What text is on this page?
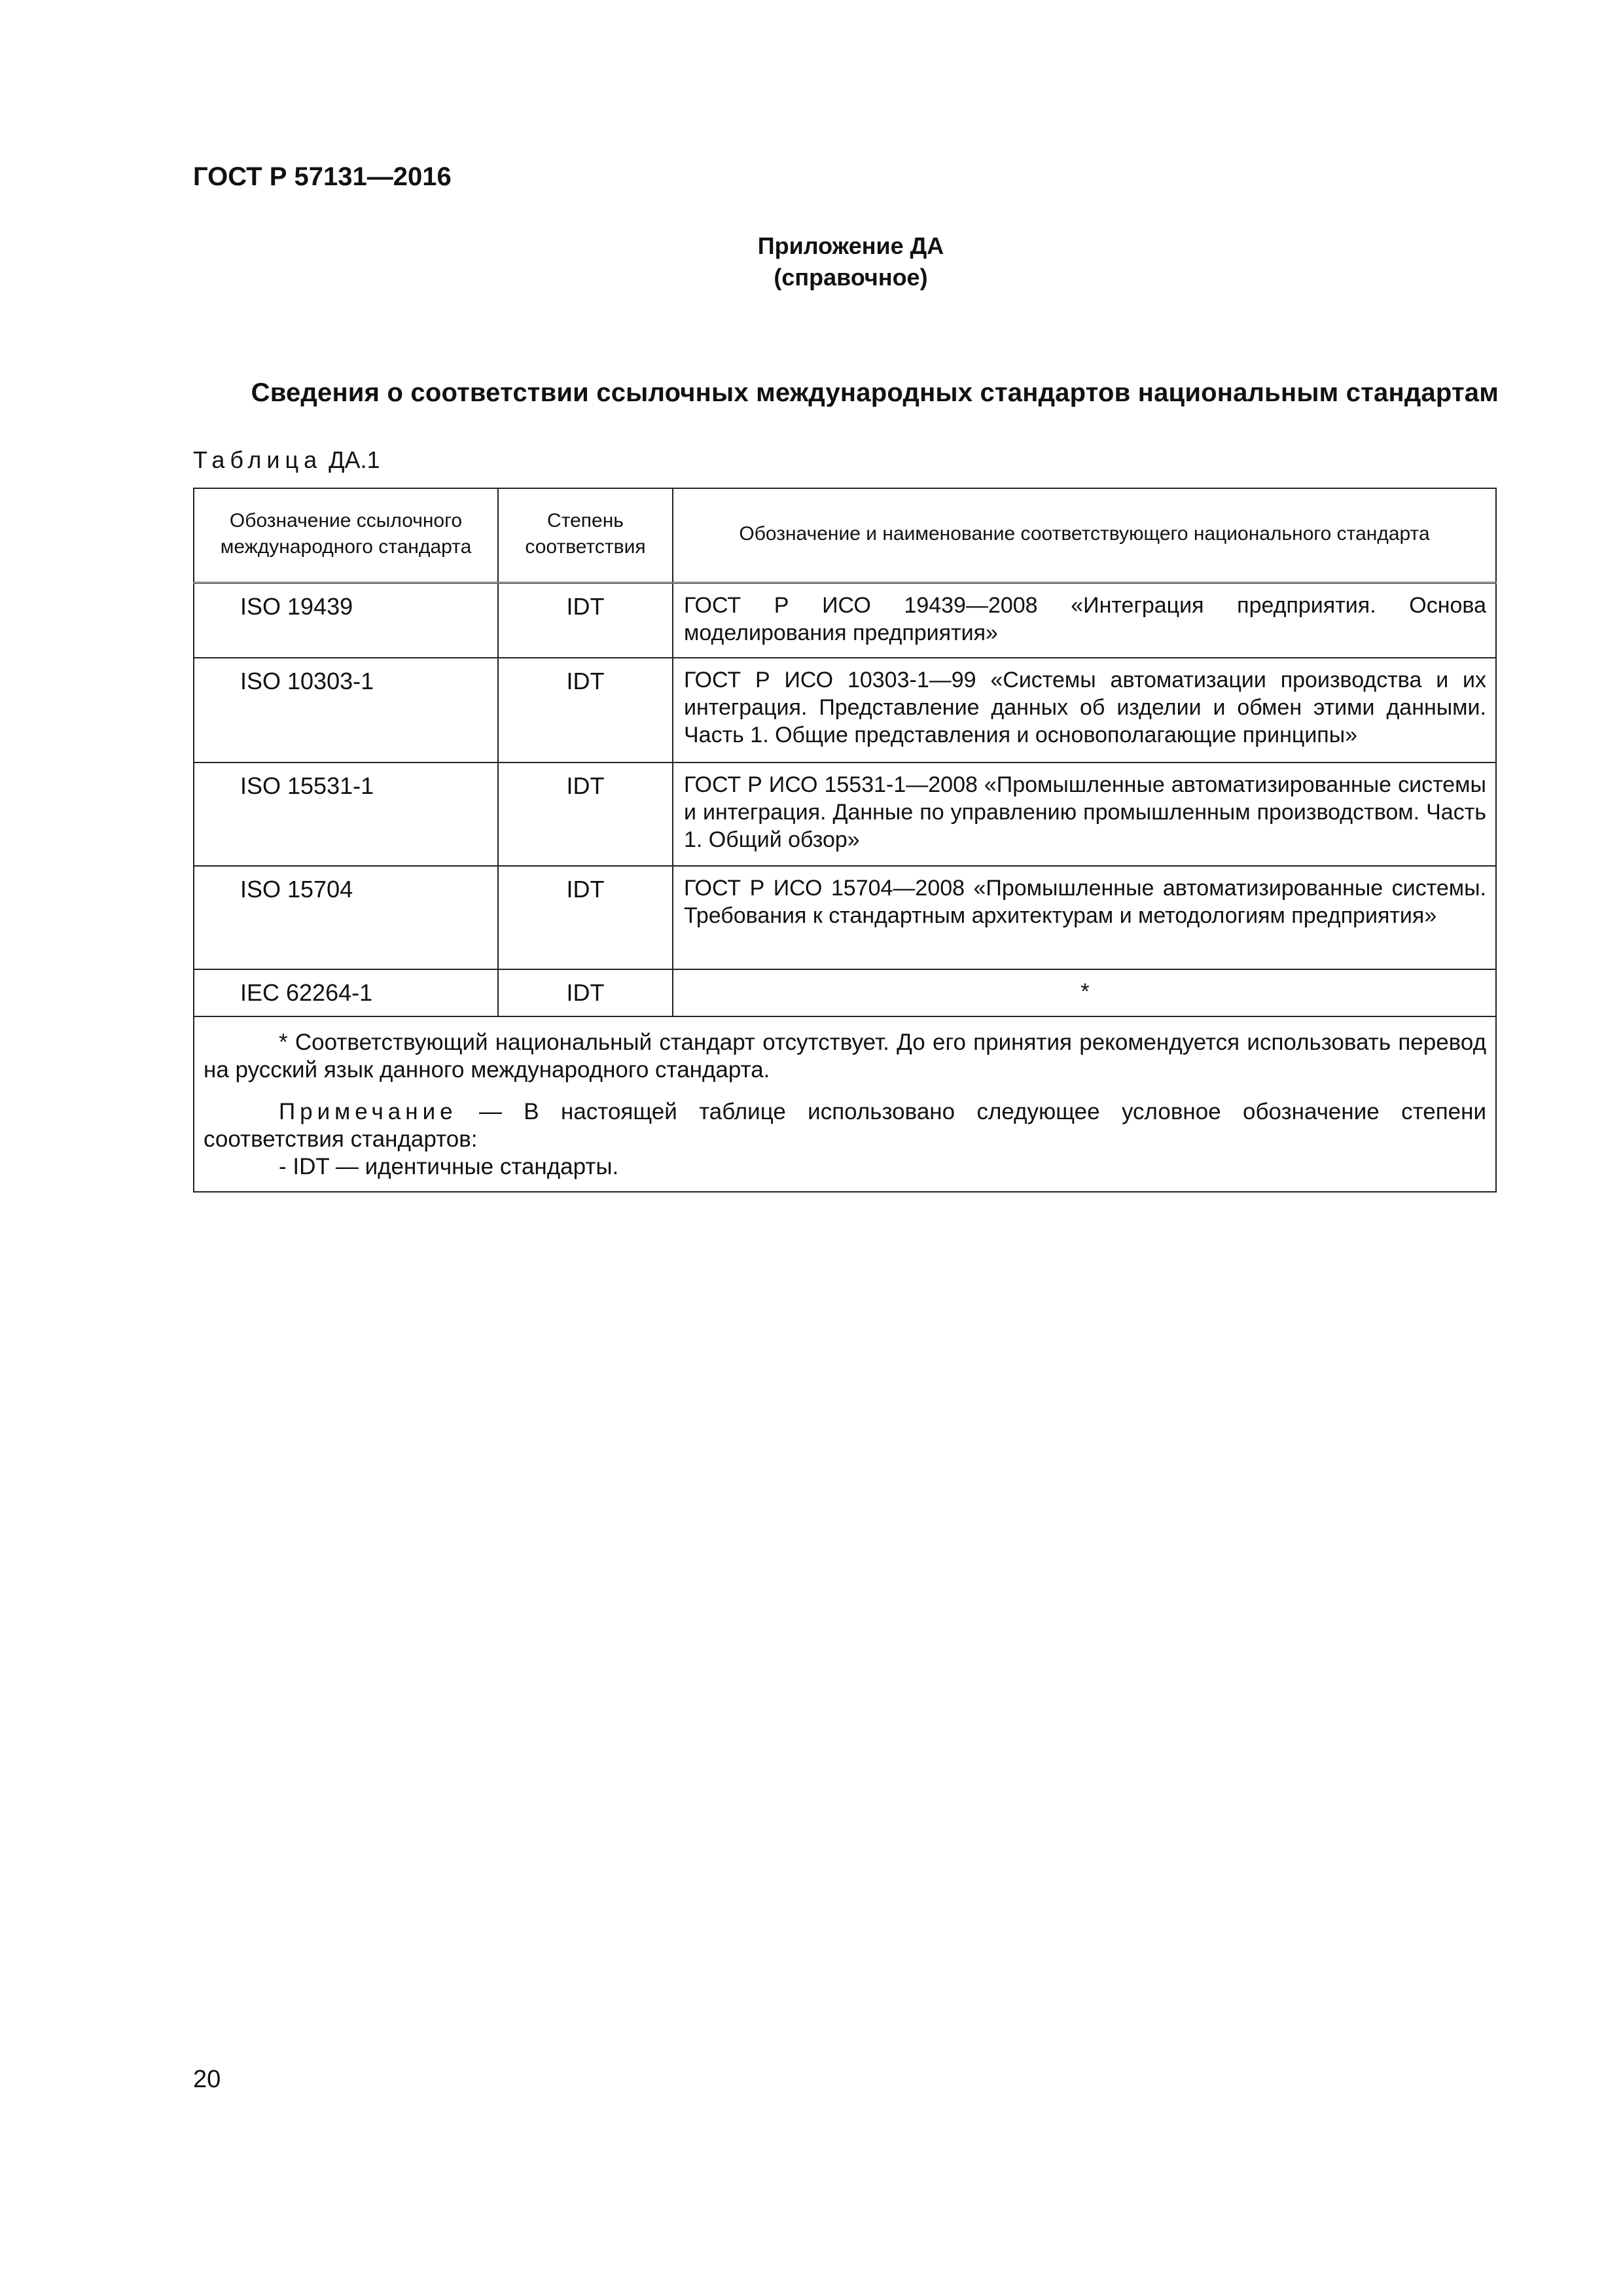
ГОСТ Р 57131—2016
Приложение ДА
(справочное)
Сведения о соответствии ссылочных международных стандартов национальным стандартам
Таблица ДА.1
Обозначение ссылочного международного стандарта	Степень соответствия	Обозначение и наименование соответствующего национального стандарта

ISO 19439	IDT	ГОСТ Р ИСО 19439—2008 «Интеграция предприятия. Основа моделирования предприятия»
ISO 10303-1	IDT	ГОСТ Р ИСО 10303-1—99 «Системы автоматизации производства и их интеграция. Представление данных об изделии и обмен этими данными. Часть 1. Общие представления и основополагающие принципы»
ISO 15531-1	IDT	ГОСТ Р ИСО 15531-1—2008 «Промышленные автоматизированные системы и интеграция. Данные по управлению промышленным производством. Часть 1. Общий обзор»
ISO 15704	IDT	ГОСТ Р ИСО 15704—2008 «Промышленные автоматизированные системы. Требования к стандартным архитектурам и методологиям предприятия»
IEC 62264-1	IDT	*

* Соответствующий национальный стандарт отсутствует. До его принятия рекомендуется использовать перевод на русский язык данного международного стандарта.

Примечание — В настоящей таблице использовано следующее условное обозначение степени соответствия стандартов:

- IDT — идентичные стандарты.		

20
